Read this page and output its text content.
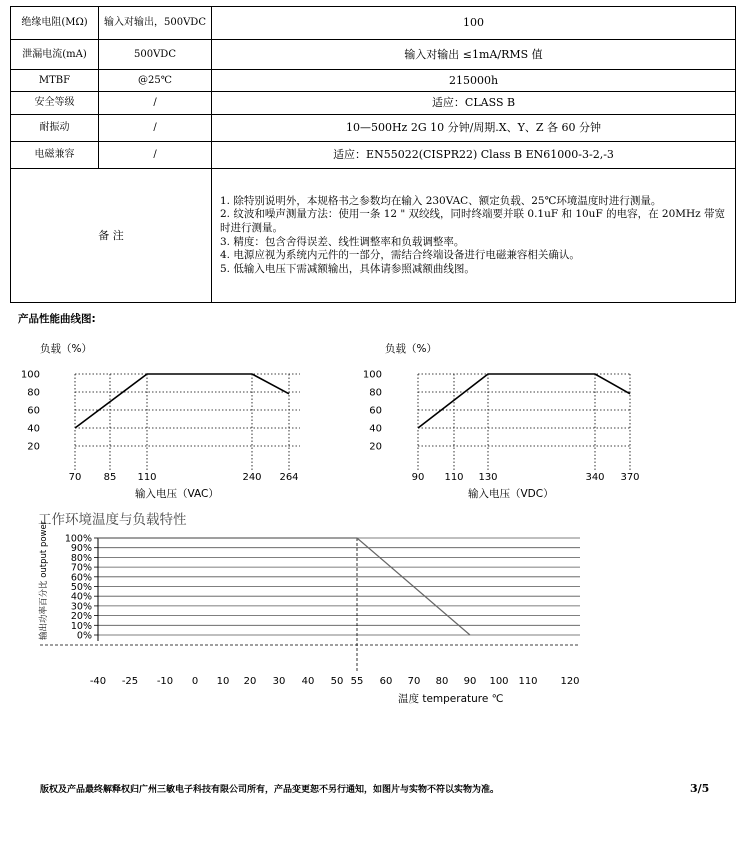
绝缘电阻(MΩ)	输入对输出，500VDC	100
泄漏电流(mA)	500VDC	输入对输出 ≤1mA/RMS 值
MTBF	@25℃	215000h
安全等级	/	适应：CLASS B
耐振动	/	10—500Hz 2G 10 分钟/周期.X、Y、Z 各 60 分钟
电磁兼容	/	适应：EN55022(CISPR22) Class B EN61000-3-2,-3
备 注		1. 除特别说明外，本规格书之参数均在输入 230VAC、额定负载、25℃环境温度时进行测量。
2. 纹波和噪声测量方法：使用一条 12 " 双绞线，同时终端要并联 0.1uF 和 10uF 的电容，在 20MHz 带宽时进行测量。
3. 精度：包含舍得误差、线性调整率和负载调整率。
4. 电源应视为系统内元件的一部分，需结合终端设备进行电磁兼容相关确认。
5. 低输入电压下需减额输出，具体请参照减额曲线图。
产品性能曲线图:
20
40
60
80
100
70 85 110	240 264
负载（%）
输入电压（VAC）
20
40
60
80
100
90 110 130	340 370
负载（%）
输入电压（VDC）
工作环境温度与负载特性
0%
10%
20%
30%
40%
50%
60%
70%
80%
90%
100%
-40 -25 -10 0 10 20 30 40 50 55 60 70 80 90 100 110 120
输出功率百分比 output power
温度 temperature ℃
版权及产品最终解释权归广州三敏电子科技有限公司所有，产品变更恕不另行通知，如图片与实物不符以实物为准。	3/5
